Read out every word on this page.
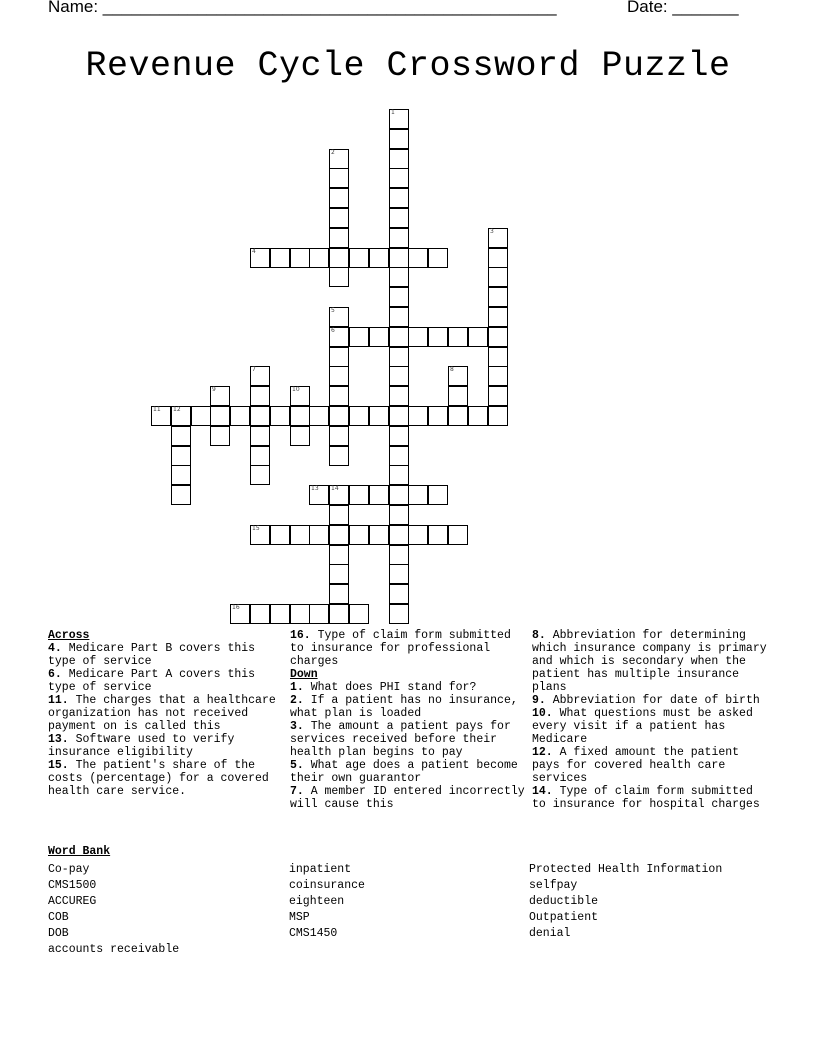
Name: ________________________________________________	Date: _______
Revenue Cycle Crossword Puzzle
1
2
3
4
5
6
7	8
9	10
11 12
13 14
15
16
Across

4. Medicare Part B covers this type of service

6. Medicare Part A covers this type of service

11. The charges that a healthcare organization has not received payment on is called this

13. Software used to verify insurance eligibility

15. The patient's share of the costs (percentage) for a covered health care service.

16. Type of claim form submitted to insurance for professional charges

Down

1. What does PHI stand for?

2. If a patient has no insurance, what plan is loaded

3. The amount a patient pays for services received before their health plan begins to pay

5. What age does a patient become their own guarantor

7. A member ID entered incorrectly will cause this

8. Abbreviation for determining which insurance company is primary and which is secondary when the patient has multiple insurance plans

9. Abbreviation for date of birth

10. What questions must be asked every visit if a patient has Medicare

12. A fixed amount the patient pays for covered health care services

14. Type of claim form submitted to insurance for hospital charges

Word Bank
Co-pay
CMS1500
ACCUREG
COB
DOB
accounts receivable
inpatient
coinsurance
eighteen
MSP
CMS1450
Protected Health Information
selfpay
deductible
Outpatient
denial
